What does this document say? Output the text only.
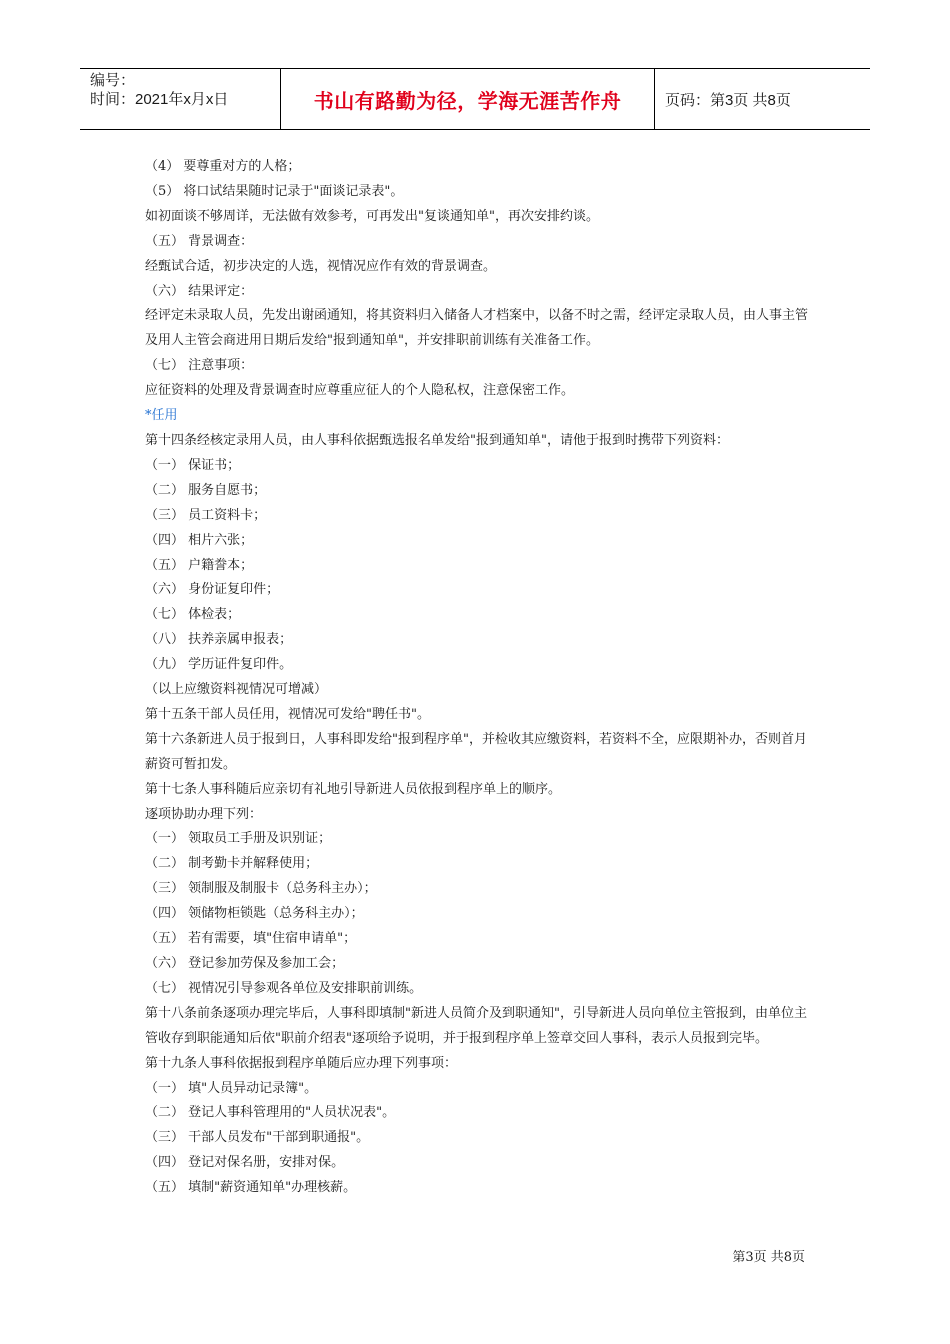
编号：
时间：2021年x月x日	书山有路勤为径，学海无涯苦作舟	页码：第3页 共8页

（4） 要尊重对方的人格；

（5） 将口试结果随时记录于"面谈记录表"。

如初面谈不够周详，无法做有效参考，可再发出"复谈通知单"，再次安排约谈。

（五） 背景调查：

经甄试合适，初步决定的人选，视情况应作有效的背景调查。

（六） 结果评定：

经评定未录取人员，先发出谢函通知，将其资料归入储备人才档案中，以备不时之需，经评定录取人员，由人事主管及用人主管会商进用日期后发给"报到通知单"，并安排职前训练有关准备工作。

（七） 注意事项：

应征资料的处理及背景调查时应尊重应征人的个人隐私权，注意保密工作。

*任用

第十四条经核定录用人员，由人事科依据甄选报名单发给"报到通知单"，请他于报到时携带下列资料：

（一） 保证书；

（二） 服务自愿书；

（三） 员工资料卡；

（四） 相片六张；

（五） 户籍誊本；

（六） 身份证复印件；

（七） 体检表；

（八） 扶养亲属申报表；

（九） 学历证件复印件。

（以上应缴资料视情况可增减）

第十五条干部人员任用，视情况可发给"聘任书"。

第十六条新进人员于报到日，人事科即发给"报到程序单"，并检收其应缴资料，若资料不全，应限期补办，否则首月薪资可暂扣发。

第十七条人事科随后应亲切有礼地引导新进人员依报到程序单上的顺序。

逐项协助办理下列：

（一） 领取员工手册及识别证；

（二） 制考勤卡并解释使用；

（三） 领制服及制服卡（总务科主办）；

（四） 领储物柜锁匙（总务科主办）；

（五） 若有需要，填"住宿申请单"；

（六） 登记参加劳保及参加工会；

（七） 视情况引导参观各单位及安排职前训练。

第十八条前条逐项办理完毕后，人事科即填制"新进人员简介及到职通知"，引导新进人员向单位主管报到，由单位主管收存到职能通知后依"职前介绍表"逐项给予说明，并于报到程序单上签章交回人事科，表示人员报到完毕。

第十九条人事科依据报到程序单随后应办理下列事项：

（一） 填"人员异动记录簿"。

（二） 登记人事科管理用的"人员状况表"。

（三） 干部人员发布"干部到职通报"。

（四） 登记对保名册，安排对保。

（五） 填制"薪资通知单"办理核薪。

第3页 共8页
